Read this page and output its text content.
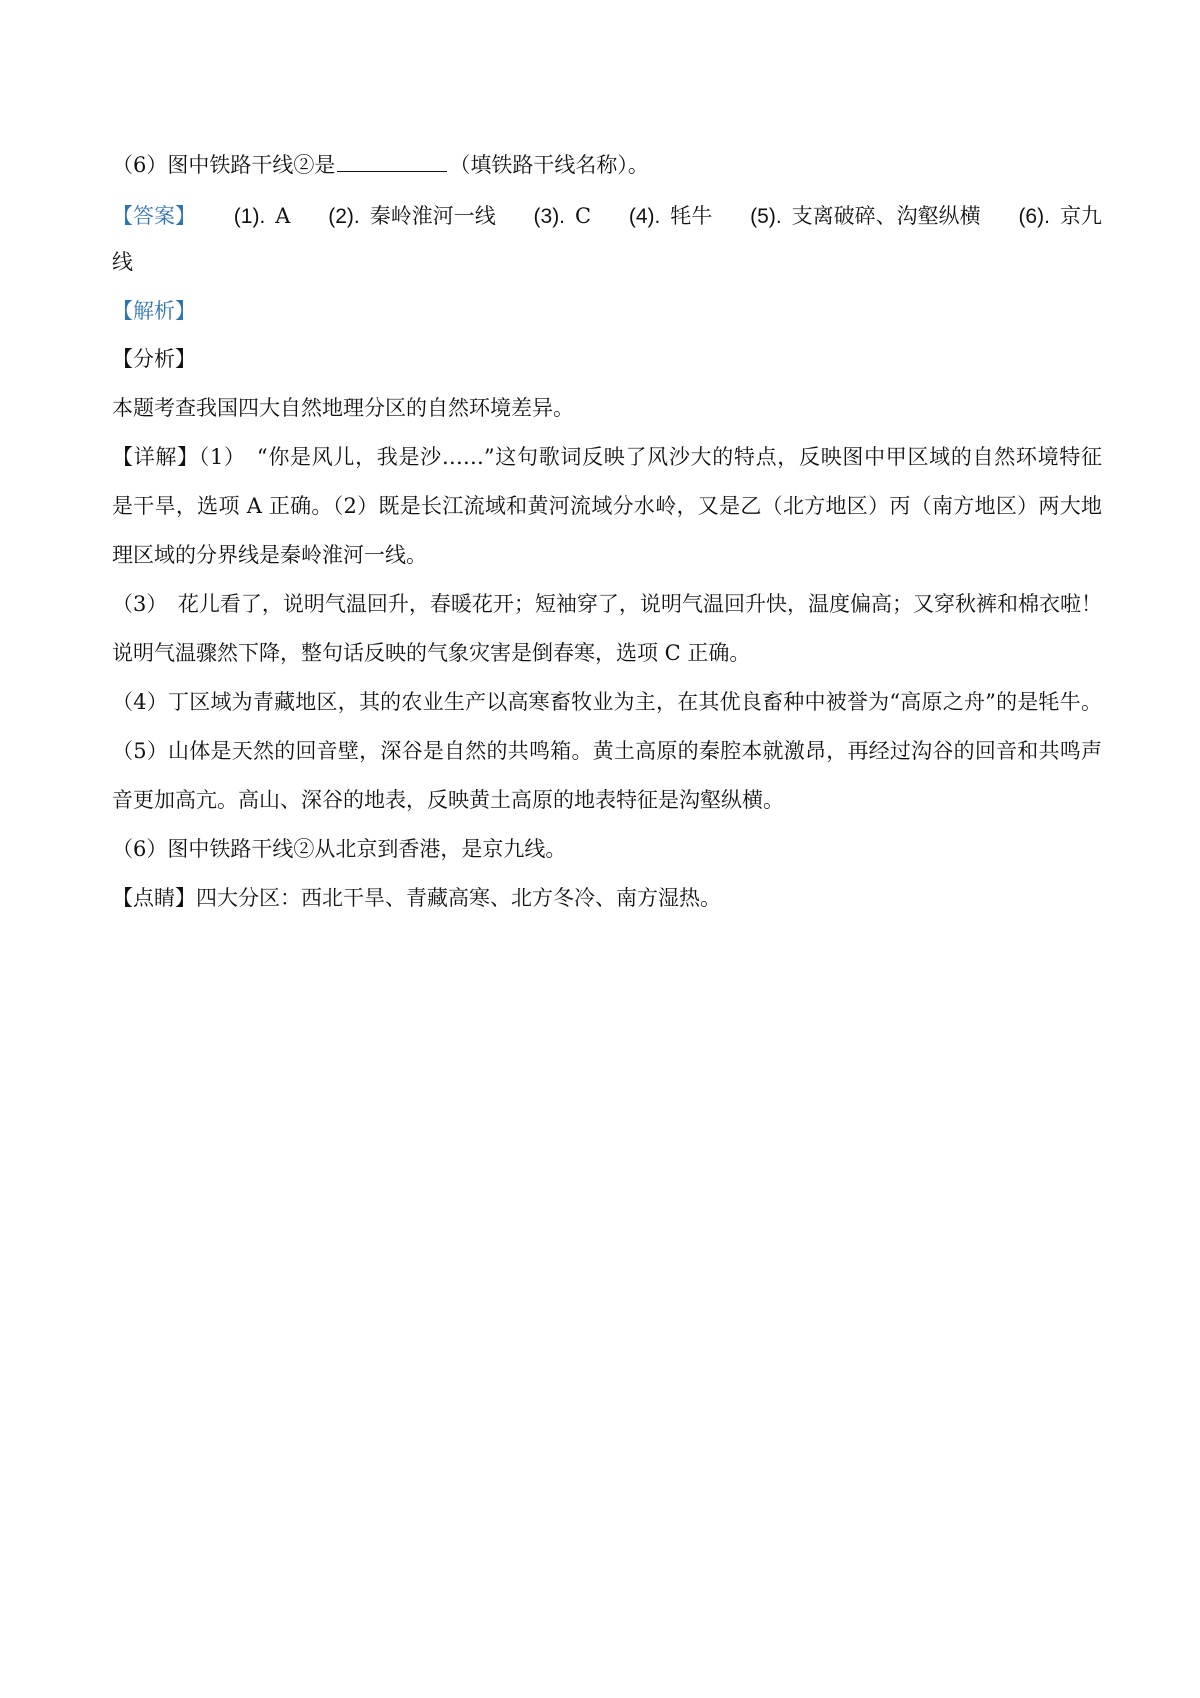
（6）图中铁路干线②是	（填铁路干线名称）。
【答案】 (1). A (2). 秦岭淮河一线 (3). C (4). 牦牛 (5). 支离破碎、沟壑纵横 (6). 京九
线
【解析】
【分析】
本题考查我国四大自然地理分区的自然环境差异。
【详解】（1）　“你是风儿，我是沙……”这句歌词反映了风沙大的特点，反映图中甲区域的自然环境特征
是干旱，选项 A 正确。（2）既是长江流域和黄河流域分水岭，又是乙（北方地区）丙（南方地区）两大地
理区域的分界线是秦岭淮河一线。
（3）　花儿看了，说明气温回升，春暖花开；短袖穿了，说明气温回升快，温度偏高；又穿秋裤和棉衣啦！
说明气温骤然下降，整句话反映的气象灾害是倒春寒，选项 C 正确。
（4）丁区域为青藏地区，其的农业生产以高寒畜牧业为主，在其优良畜种中被誉为“高原之舟”的是牦牛。
（5）山体是天然的回音壁，深谷是自然的共鸣箱。黄土高原的秦腔本就激昂，再经过沟谷的回音和共鸣声
音更加高亢。高山、深谷的地表，反映黄土高原的地表特征是沟壑纵横。
（6）图中铁路干线②从北京到香港，是京九线。
【点睛】四大分区：西北干旱、青藏高寒、北方冬冷、南方湿热。
